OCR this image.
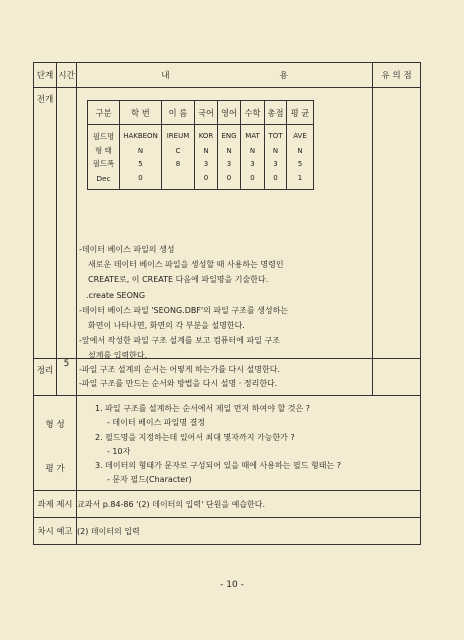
단계	시간	내	용	유 의 점

전개

구분	학 번	이 름	국어	영어	수학	총점	평 균
필드명	HAKBEON	IREUM	KOR	ENG	MAT	TOT	AVE
형 태	N	C	N	N	N	N	N
필드폭	5	8	3	3	3	3	5
Dec	0		0	0	0	0	1
-데이터 베이스 파일의 생성
새로운 데이터 베이스 파일을 생성할 때 사용하는 명령인
CREATE로, 이 CREATE 다음에 파일명을 기술한다.
.create SEONG
-데이터 베이스 파일 'SEONG.DBF'의 파일 구조를 생성하는
화면이 나타나면, 화면의 각 부분을 설명한다.
-앞에서 작성한 파일 구조 설계를 보고 컴퓨터에 파일 구조
설계를 입력한다.

정리
	5	
-파일 구조 설계의 순서는 어떻게 하는가를 다시 설명한다.
-파일 구조를 만드는 순서와 방법을 다시 설명 · 정리한다.

형 성
평 가

1. 파일 구조를 설계하는 순서에서 제일 먼저 하여야 할 것은 ?
- 데이터 베이스 파일명 결정
2. 필드명을 지정하는데 있어서 최대 몇자까지 가능한가 ?
- 10자
3. 데이터의 형태가 문자로 구성되어 있을 때에 사용하는 필드 형태는 ?
- 문자 필드(Character)

과제 제시	교과서 p.84-86 '(2) 데이터의 입력' 단원을 예습한다.
차시 예고	(2) 데이터의 입력
- 10 -
